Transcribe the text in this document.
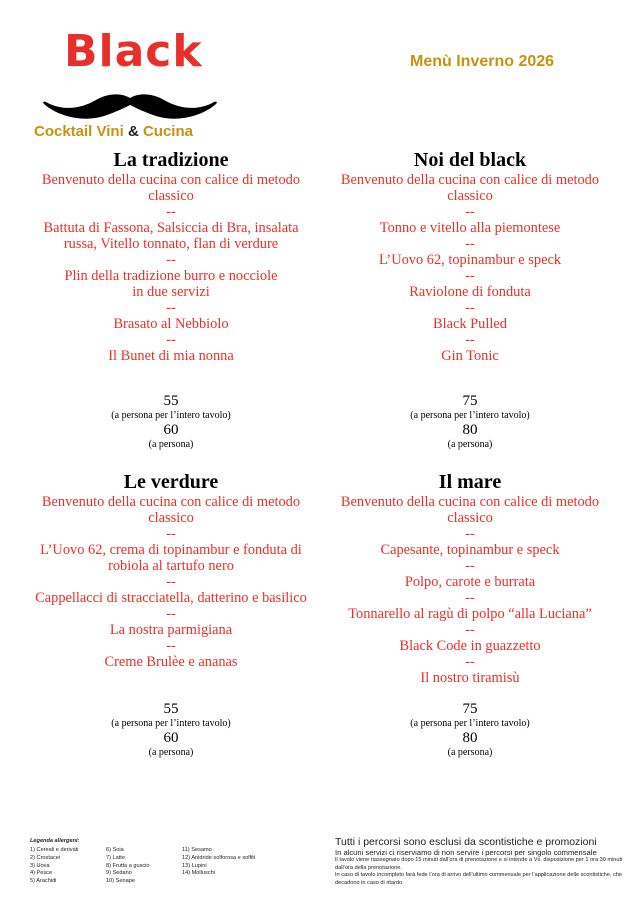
Black
Cocktail Vini & Cucina
Menù Inverno 2026
La tradizione
Benvenuto della cucina con calice di metodo classico
--
Battuta di Fassona, Salsiccia di Bra, insalata russa, Vitello tonnato, flan di verdure
--
Plin della tradizione burro e nocciole in due servizi
--
Brasato al Nebbiolo
--
Il Bunet di mia nonna
55
(a persona per l’intero tavolo)
60
(a persona)
Noi del black
Benvenuto della cucina con calice di metodo classico
--
Tonno e vitello alla piemontese
--
L’Uovo 62, topinambur e speck
--
Raviolone di fonduta
--
Black Pulled
--
Gin Tonic
75
(a persona per l’intero tavolo)
80
(a persona)
Le verdure
Benvenuto della cucina con calice di metodo classico
--
L’Uovo 62, crema di topinambur e fonduta di robiola al tartufo nero
--
Cappellacci di stracciatella, datterino e basilico
--
La nostra parmigiana
--
Creme Brulèe e ananas
55
(a persona per l’intero tavolo)
60
(a persona)
Il mare
Benvenuto della cucina con calice di metodo classico
--
Capesante, topinambur e speck
--
Polpo, carote e burrata
--
Tonnarello al ragù di polpo “alla Luciana”
--
Black Code in guazzetto
--
Il nostro tiramisù
75
(a persona per l’intero tavolo)
80
(a persona)
Legenda allergeni:
1) Cereali e derivati
2) Crostacei
3) Uova
4) Pesce
5) Arachidi
6) Soia
7) Latte
8) Frutta a guscio
9) Sedano
10) Senape
11) Sesamo
12) Anidride solforosa e solfiti
13) Lupini
14) Molluschi
Tutti i percorsi sono esclusi da scontistiche e promozioni
In alcuni servizi ci riserviamo di non servire i percorsi per singolo commensale
Il tavolo viene riassegnato dopo 15 minuti dall’ora di prenotazione e si intende a Vs. disposizione per 1 ora 30 minuti dall’ora della prenotazione.
In caso di tavolo incompleto farà fede l’ora di arrivo dell’ultimo commensale per l’applicazione delle scontistiche, che decadono in caso di ritardo
